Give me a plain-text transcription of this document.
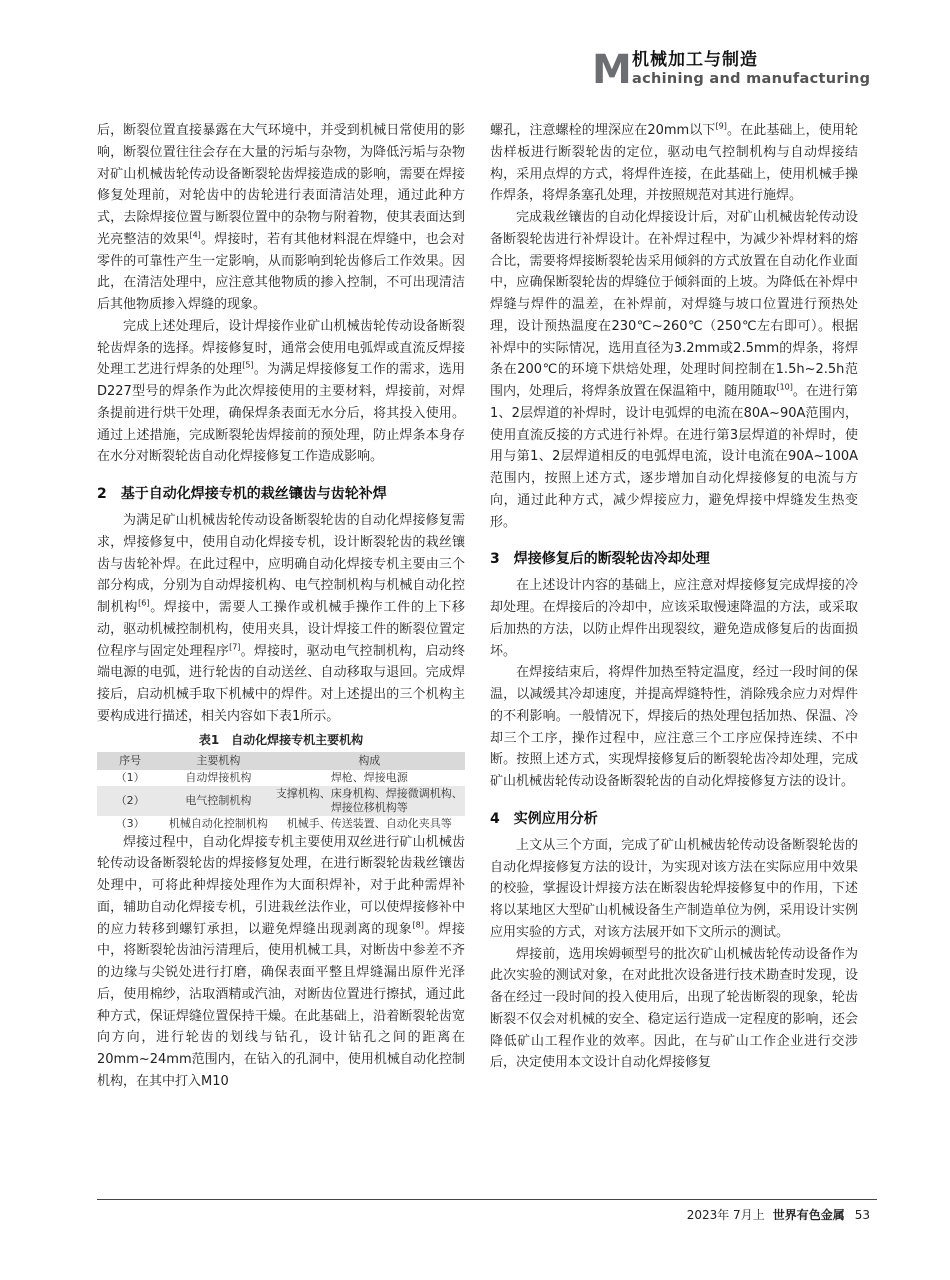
M 机械加工与制造
achining and manufacturing

后，断裂位置直接暴露在大气环境中，并受到机械日常使用的影响，断裂位置往往会存在大量的污垢与杂物，为降低污垢与杂物对矿山机械齿轮传动设备断裂轮齿焊接造成的影响，需要在焊接修复处理前，对轮齿中的齿轮进行表面清洁处理，通过此种方式，去除焊接位置与断裂位置中的杂物与附着物，使其表面达到光亮整洁的效果[4]。焊接时，若有其他材料混在焊缝中，也会对零件的可靠性产生一定影响，从而影响到轮齿修后工作效果。因此，在清洁处理中，应注意其他物质的掺入控制，不可出现清洁后其他物质掺入焊缝的现象。

完成上述处理后，设计焊接作业矿山机械齿轮传动设备断裂轮齿焊条的选择。焊接修复时，通常会使用电弧焊或直流反焊接处理工艺进行焊条的处理[5]。为满足焊接修复工作的需求，选用D227型号的焊条作为此次焊接使用的主要材料，焊接前，对焊条提前进行烘干处理，确保焊条表面无水分后，将其投入使用。通过上述措施，完成断裂轮齿焊接前的预处理，防止焊条本身存在水分对断裂轮齿自动化焊接修复工作造成影响。

2　基于自动化焊接专机的栽丝镶齿与齿轮补焊

为满足矿山机械齿轮传动设备断裂轮齿的自动化焊接修复需求，焊接修复中，使用自动化焊接专机，设计断裂轮齿的栽丝镶齿与齿轮补焊。在此过程中，应明确自动化焊接专机主要由三个部分构成，分别为自动焊接机构、电气控制机构与机械自动化控制机构[6]。焊接中，需要人工操作或机械手操作工件的上下移动，驱动机械控制机构，使用夹具，设计焊接工件的断裂位置定位程序与固定处理程序[7]。焊接时，驱动电气控制机构，启动终端电源的电弧，进行轮齿的自动送丝、自动移取与退回。完成焊接后，启动机械手取下机械中的焊件。对上述提出的三个机构主要构成进行描述，相关内容如下表1所示。

表1　自动化焊接专机主要机构
序号	主要机构	构成
（1）	自动焊接机构	焊枪、焊接电源
（2）	电气控制机构	支撑机构、床身机构、焊接微调机构、焊接位移机构等
（3）	机械自动化控制机构	机械手、传送装置、自动化夹具等

焊接过程中，自动化焊接专机主要使用双丝进行矿山机械齿轮传动设备断裂轮齿的焊接修复处理，在进行断裂轮齿栽丝镶齿处理中，可将此种焊接处理作为大面积焊补，对于此种需焊补面，辅助自动化焊接专机，引进栽丝法作业，可以使焊接修补中的应力转移到螺钉承担，以避免焊缝出现剥离的现象[8]。焊接中，将断裂轮齿油污清理后，使用机械工具，对断齿中参差不齐的边缘与尖锐处进行打磨，确保表面平整且焊缝漏出原件光泽后，使用棉纱，沾取酒精或汽油，对断齿位置进行擦拭，通过此种方式，保证焊缝位置保持干燥。在此基础上，沿着断裂轮齿宽向方向，进行轮齿的划线与钻孔，设计钻孔之间的距离在20mm~24mm范围内，在钻入的孔洞中，使用机械自动化控制机构，在其中打入M10

螺孔，注意螺栓的埋深应在20mm以下[9]。在此基础上，使用轮齿样板进行断裂轮齿的定位，驱动电气控制机构与自动焊接结构，采用点焊的方式，将焊件连接，在此基础上，使用机械手操作焊条，将焊条塞孔处理，并按照规范对其进行施焊。

完成栽丝镶齿的自动化焊接设计后，对矿山机械齿轮传动设备断裂轮齿进行补焊设计。在补焊过程中，为减少补焊材料的熔合比，需要将焊接断裂轮齿采用倾斜的方式放置在自动化作业面中，应确保断裂轮齿的焊缝位于倾斜面的上坡。为降低在补焊中焊缝与焊件的温差，在补焊前，对焊缝与坡口位置进行预热处理，设计预热温度在230℃~260℃（250℃左右即可）。根据补焊中的实际情况，选用直径为3.2mm或2.5mm的焊条，将焊条在200℃的环境下烘焙处理，处理时间控制在1.5h~2.5h范围内，处理后，将焊条放置在保温箱中，随用随取[10]。在进行第1、2层焊道的补焊时，设计电弧焊的电流在80A~90A范围内，使用直流反接的方式进行补焊。在进行第3层焊道的补焊时，使用与第1、2层焊道相反的电弧焊电流，设计电流在90A~100A范围内，按照上述方式，逐步增加自动化焊接修复的电流与方向，通过此种方式，减少焊接应力，避免焊接中焊缝发生热变形。

3　焊接修复后的断裂轮齿冷却处理

在上述设计内容的基础上，应注意对焊接修复完成焊接的冷却处理。在焊接后的冷却中，应该采取慢速降温的方法，或采取后加热的方法，以防止焊件出现裂纹，避免造成修复后的齿面损坏。

在焊接结束后，将焊件加热至特定温度，经过一段时间的保温，以减缓其冷却速度，并提高焊缝特性，消除残余应力对焊件的不利影响。一般情况下，焊接后的热处理包括加热、保温、冷却三个工序，操作过程中，应注意三个工序应保持连续、不中断。按照上述方式，实现焊接修复后的断裂轮齿冷却处理，完成矿山机械齿轮传动设备断裂轮齿的自动化焊接修复方法的设计。

4　实例应用分析

上文从三个方面，完成了矿山机械齿轮传动设备断裂轮齿的自动化焊接修复方法的设计，为实现对该方法在实际应用中效果的校验，掌握设计焊接方法在断裂齿轮焊接修复中的作用，下述将以某地区大型矿山机械设备生产制造单位为例，采用设计实例应用实验的方式，对该方法展开如下文所示的测试。

焊接前，选用埃姆顿型号的批次矿山机械齿轮传动设备作为此次实验的测试对象，在对此批次设备进行技术勘查时发现，设备在经过一段时间的投入使用后，出现了轮齿断裂的现象，轮齿断裂不仅会对机械的安全、稳定运行造成一定程度的影响，还会降低矿山工程作业的效率。因此，在与矿山工作企业进行交涉后，决定使用本文设计自动化焊接修复

2023年 7月上 世界有色金属 53
